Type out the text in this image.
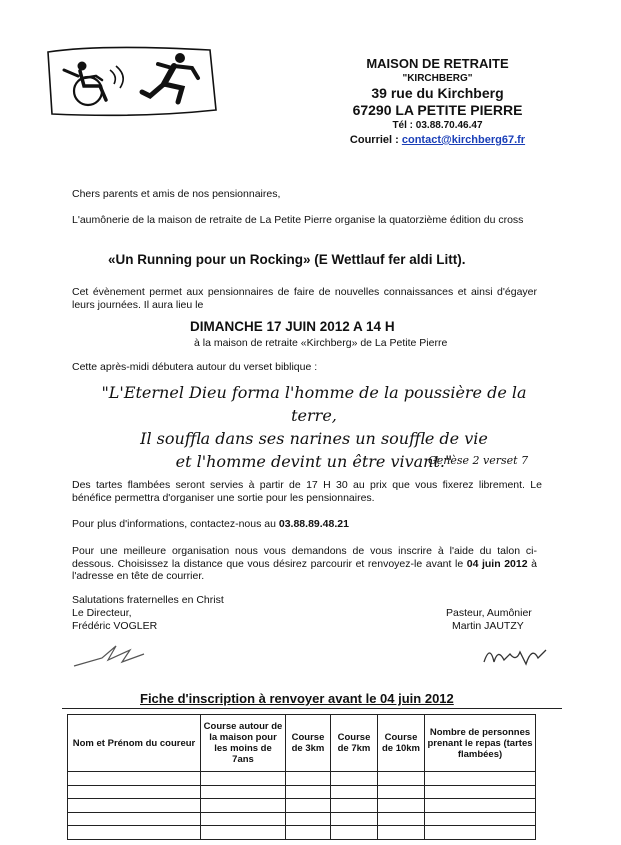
MAISON DE RETRAITE
"KIRCHBERG"
39 rue du Kirchberg
67290 LA PETITE PIERRE
Tél : 03.88.70.46.47
Courriel : contact@kirchberg67.fr
Chers parents et amis de nos pensionnaires,
L'aumônerie de la maison de retraite de La Petite Pierre organise la quatorzième édition du cross
«Un Running pour un Rocking» (E Wettlauf fer aldi Litt).
Cet évènement permet aux pensionnaires de faire de nouvelles connaissances et ainsi d'égayer leurs journées. Il aura lieu le
DIMANCHE 17 JUIN 2012 A 14 H
à la maison de retraite «Kirchberg» de La Petite Pierre
Cette après-midi débutera autour du verset biblique :
"L'Eternel Dieu forma l'homme de la poussière de la terre,
Il souffla dans ses narines un souffle de vie
et l'homme devint un être vivant."
Genèse 2 verset 7
Des tartes flambées seront servies à partir de 17 H 30 au prix que vous fixerez librement. Le bénéfice permettra d'organiser une sortie pour les pensionnaires.
Pour plus d'informations, contactez-nous au 03.88.89.48.21
Pour une meilleure organisation nous vous demandons de vous inscrire à l'aide du talon ci-dessous. Choisissez la distance que vous désirez parcourir et renvoyez-le avant le 04 juin 2012 à l'adresse en tête de courrier.
Salutations fraternelles en Christ
Le Directeur,
Frédéric VOGLER
Pasteur, Aumônier
Martin JAUTZY
Fiche d'inscription à renvoyer avant le 04 juin 2012
Nom et Prénom du coureur	Course autour de la maison pour les moins de 7ans	Course de 3km	Course de 7km	Course de 10km	Nombre de personnes prenant le repas (tartes flambées)
